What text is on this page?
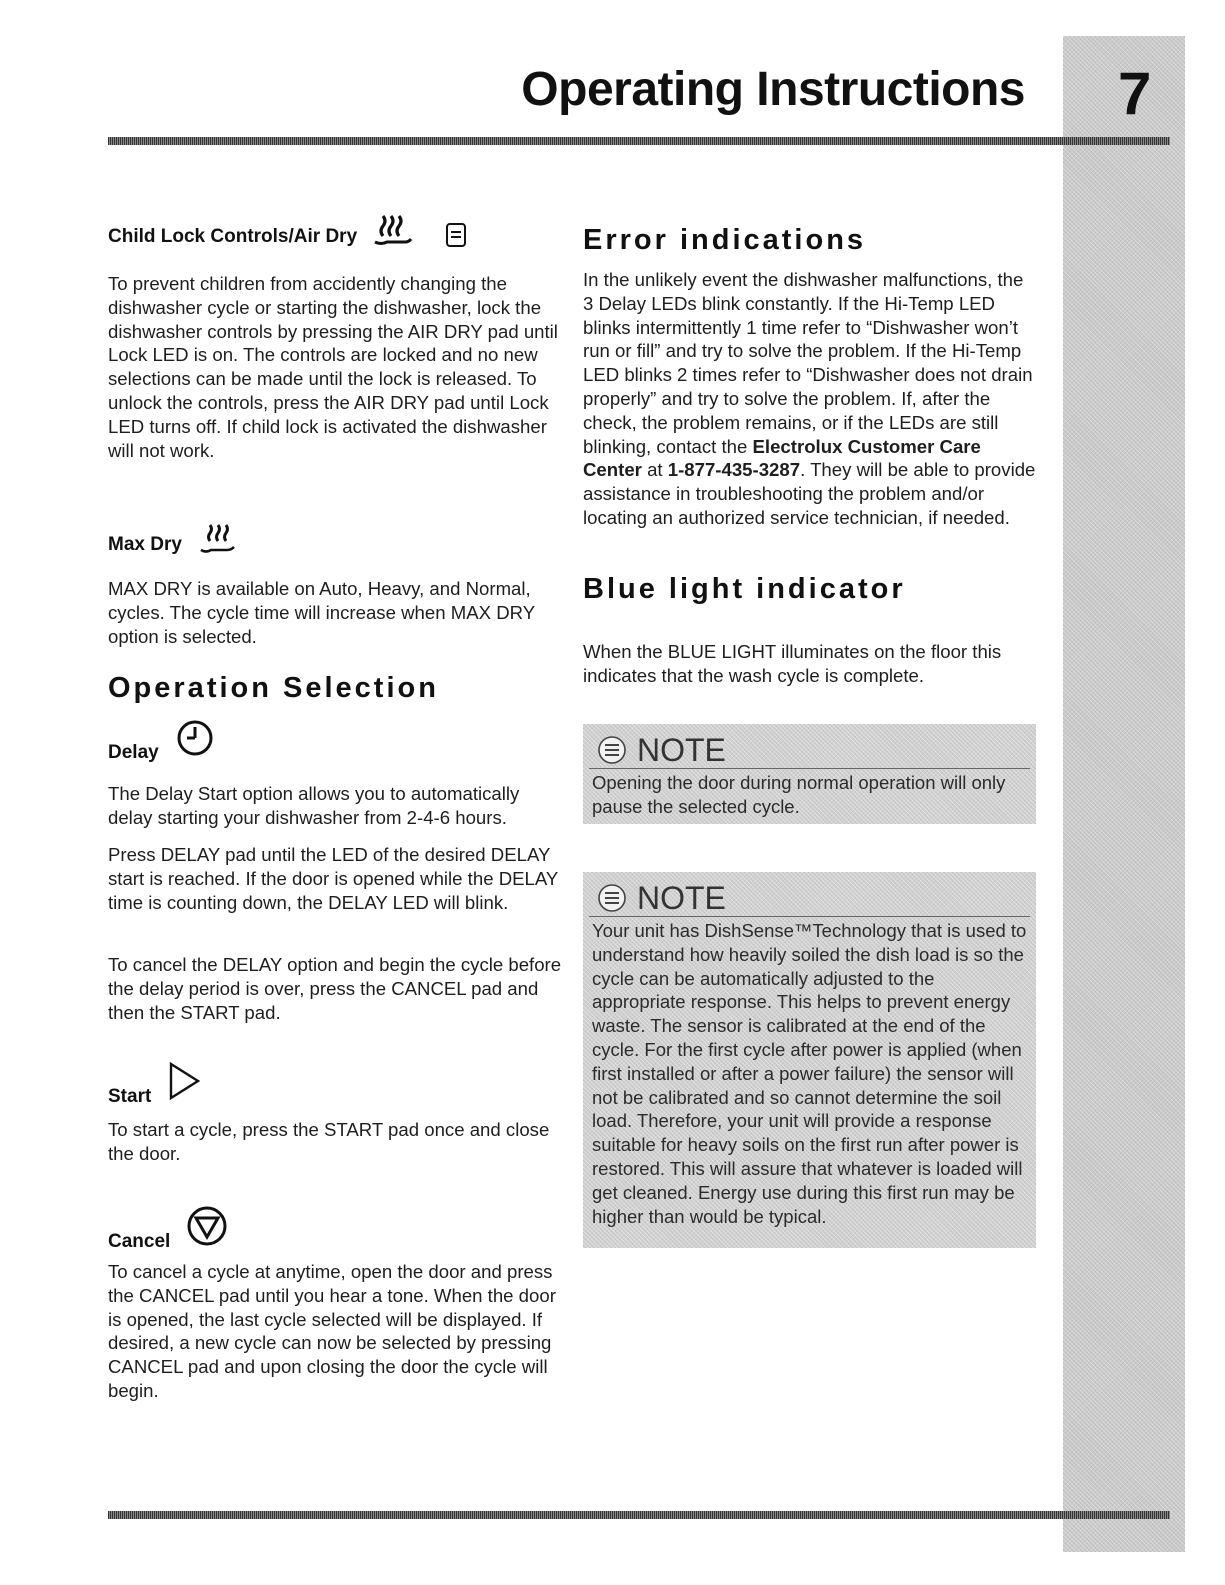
7
Operating Instructions
Child Lock Controls/Air Dry

To prevent children from accidently changing the dishwasher cycle or starting the dishwasher, lock the dishwasher controls by pressing the AIR DRY pad until Lock LED is on. The controls are locked and no new selections can be made until the lock is released. To unlock the controls, press the AIR DRY pad until Lock LED turns off. If child lock is activated the dishwasher will not work.

Max Dry

MAX DRY is available on Auto, Heavy, and Normal, cycles. The cycle time will increase when MAX DRY option is selected.

Operation Selection
Delay

The Delay Start option allows you to automatically delay starting your dishwasher from 2-4-6 hours.

Press DELAY pad until the LED of the desired DELAY start is reached. If the door is opened while the DELAY time is counting down, the DELAY LED will blink.

To cancel the DELAY option and begin the cycle before the delay period is over, press the CANCEL pad and then the START pad.

Start

To start a cycle, press the START pad once and close the door.

Cancel

To cancel a cycle at anytime, open the door and press the CANCEL pad until you hear a tone. When the door is opened, the last cycle selected will be displayed. If desired, a new cycle can now be selected by pressing CANCEL pad and upon closing the door the cycle will begin.

Error indications

In the unlikely event the dishwasher malfunctions, the 3 Delay LEDs blink constantly. If the Hi-Temp LED blinks intermittently 1 time refer to “Dishwasher won’t run or fill” and try to solve the problem. If the Hi-Temp LED blinks 2 times refer to “Dishwasher does not drain properly” and try to solve the problem. If, after the check, the problem remains, or if the LEDs are still blinking, contact the Electrolux Customer Care Center at 1-877-435-3287. They will be able to provide assistance in troubleshooting the problem and/or locating an authorized service technician, if needed.

Blue light indicator

When the BLUE LIGHT illuminates on the floor this indicates that the wash cycle is complete.

NOTE
Opening the door during normal operation will only pause the selected cycle.
NOTE
Your unit has DishSense™Technology that is used to understand how heavily soiled the dish load is so the cycle can be automatically adjusted to the appropriate response. This helps to prevent energy waste. The sensor is calibrated at the end of the cycle. For the first cycle after power is applied (when first installed or after a power failure) the sensor will not be calibrated and so cannot determine the soil load. Therefore, your unit will provide a response suitable for heavy soils on the first run after power is restored. This will assure that whatever is loaded will get cleaned. Energy use during this first run may be higher than would be typical.
